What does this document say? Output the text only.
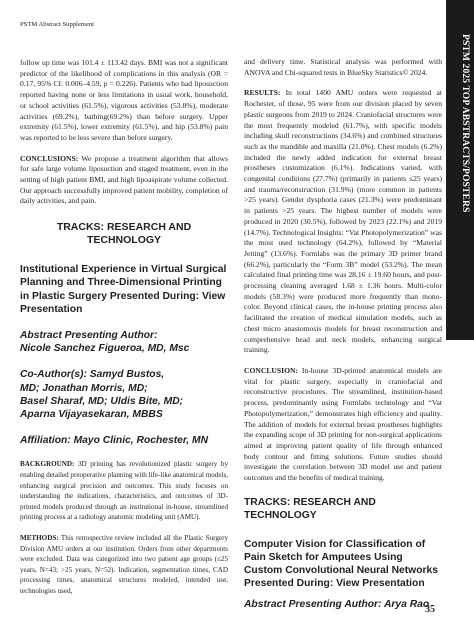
PSTM Abstract Supplement
PSTM 2025 TOP ABSTRACTS/POSTERS

follow up time was 101.4 ± 113.42 days. BMI was not a significant predictor of the likelihood of complications in this analysis (OR = 0.17, 95% CI: 0.006–4.59, p = 0.226). Patients who had liposuction reported having none or less limitations in usual work, household, or school activities (61.5%), vigorous activities (53.8%), moderate activities (69.2%), bathing(69.2%) than before surgery. Upper extremity (61.5%), lower extremity (61.5%), and hip (53.8%) pain was reported to be less severe than before surgery.

CONCLUSIONS: We propose a treatment algorithm that allows for safe large volume liposuction and staged treatment, even in the setting of high patient BMI, and high lipoaspirate volume collected. Our approach successfully improved patient mobility, completion of daily activities, and pain.

TRACKS: RESEARCH AND TECHNOLOGY

Institutional Experience in Virtual Surgical Planning and Three-Dimensional Printing in Plastic Surgery Presented During: View Presentation

Abstract Presenting Author:

Nicole Sanchez Figueroa, MD, Msc

Co-Author(s): Samyd Bustos,

MD; Jonathan Morris, MD;

Basel Sharaf, MD; Uldis Bite, MD;

Aparna Vijayasekaran, MBBS

Affiliation: Mayo Clinic, Rochester, MN

BACKGROUND: 3D printing has revolutionized plastic surgery by enabling detailed preoperative planning with life-like anatomical models, enhancing surgical precision and outcomes. This study focuses on understanding the indications, characteristics, and outcomes of 3D-printed models produced through an institutional in-house, streamlined printing process at a radiology anatomic modeling unit (AMU).

METHODS: This retrospective review included all the Plastic Surgery Division AMU orders at our institution. Orders from other departments were excluded. Data was categorized into two patient age groups (≤25 years, N=43; >25 years, N=52). Indication, segmentation times, CAD processing times, anatomical structures modeled, intended use, technologies used,

and delivery time. Statistical analysis was performed with ANOVA and Chi-squared tests in BlueSky Statistics© 2024.

RESULTS: In total 1400 AMU orders were requested at Rochester, of those, 95 were from our division placed by seven plastic surgeons from 2019 to 2024. Craniofacial structures were the most frequently modeled (61.7%), with specific models including skull reconstructions (34.6%) and combined structures such as the mandible and maxilla (21.0%). Chest models (6.2%) included the newly added indication for external breast prostheses customization (6.1%). Indications varied, with congenital conditions (27.7%) (primarily in patients ≤25 years) and trauma/reconstruction (31.9%) (more common in patients >25 years). Gender dysphoria cases (21.3%) were predominant in patients >25 years. The highest number of models were produced in 2020 (30.5%), followed by 2023 (22.1%) and 2019 (14.7%). Technological Insights: “Vat Photopolymerization” was the most used technology (64.2%), followed by “Material Jetting” (13.6%). Formlabs was the primary 3D printer brand (66.2%), particularly the “Form 3B” model (53.2%). The mean calculated final printing time was 28.16 ± 19.60 hours, and post-processing cleaning averaged 1.68 ± 1.36 hours. Multi-color models (58.3%) were produced more frequently than mono-color. Beyond clinical cases, the in-house printing process also facilitated the creation of medical simulation models, such as chest micro anastomosis models for breast reconstruction and comprehensive head and neck models, enhancing surgical training.

CONCLUSION: In-house 3D-printed anatomical models are vital for plastic surgery, especially in craniofacial and reconstructive procedures. The streamlined, institution-based process, predominantly using Formlabs technology and “Vat Photopolymerization,” demonstrates high efficiency and quality. The addition of models for external breast prostheses highlights the expanding scope of 3D printing for non-surgical applications aimed at improving patient quality of life through enhanced body contour and fitting solutions. Future studies should investigate the correlation between 3D model use and patient outcomes and the benefits of medical training.

TRACKS: RESEARCH AND TECHNOLOGY

Computer Vision for Classification of Pain Sketch for Amputees Using Custom Convolutional Neural Networks Presented During: View Presentation

Abstract Presenting Author: Arya Rao

35
